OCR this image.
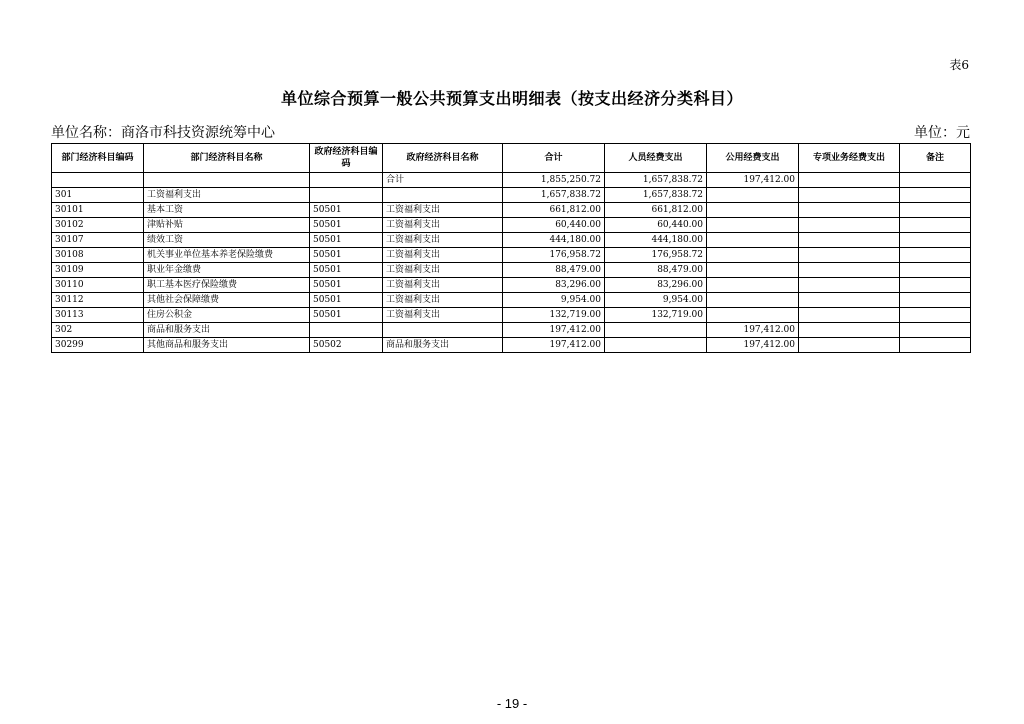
表6
单位综合预算一般公共预算支出明细表（按支出经济分类科目）
单位名称：商洛市科技资源统筹中心	单位：元
部门经济科目编码	部门经济科目名称	政府经济科目编码	政府经济科目名称	合计	人员经费支出	公用经费支出	专项业务经费支出	备注
			合计	1,855,250.72	1,657,838.72	197,412.00		
301	工资福利支出			1,657,838.72	1,657,838.72			
30101	基本工资	50501	工资福利支出	661,812.00	661,812.00			
30102	津贴补贴	50501	工资福利支出	60,440.00	60,440.00			
30107	绩效工资	50501	工资福利支出	444,180.00	444,180.00			
30108	机关事业单位基本养老保险缴费	50501	工资福利支出	176,958.72	176,958.72			
30109	职业年金缴费	50501	工资福利支出	88,479.00	88,479.00			
30110	职工基本医疗保险缴费	50501	工资福利支出	83,296.00	83,296.00			
30112	其他社会保障缴费	50501	工资福利支出	9,954.00	9,954.00			
30113	住房公积金	50501	工资福利支出	132,719.00	132,719.00			
302	商品和服务支出			197,412.00		197,412.00		
30299	其他商品和服务支出	50502	商品和服务支出	197,412.00		197,412.00		
- 19 -
